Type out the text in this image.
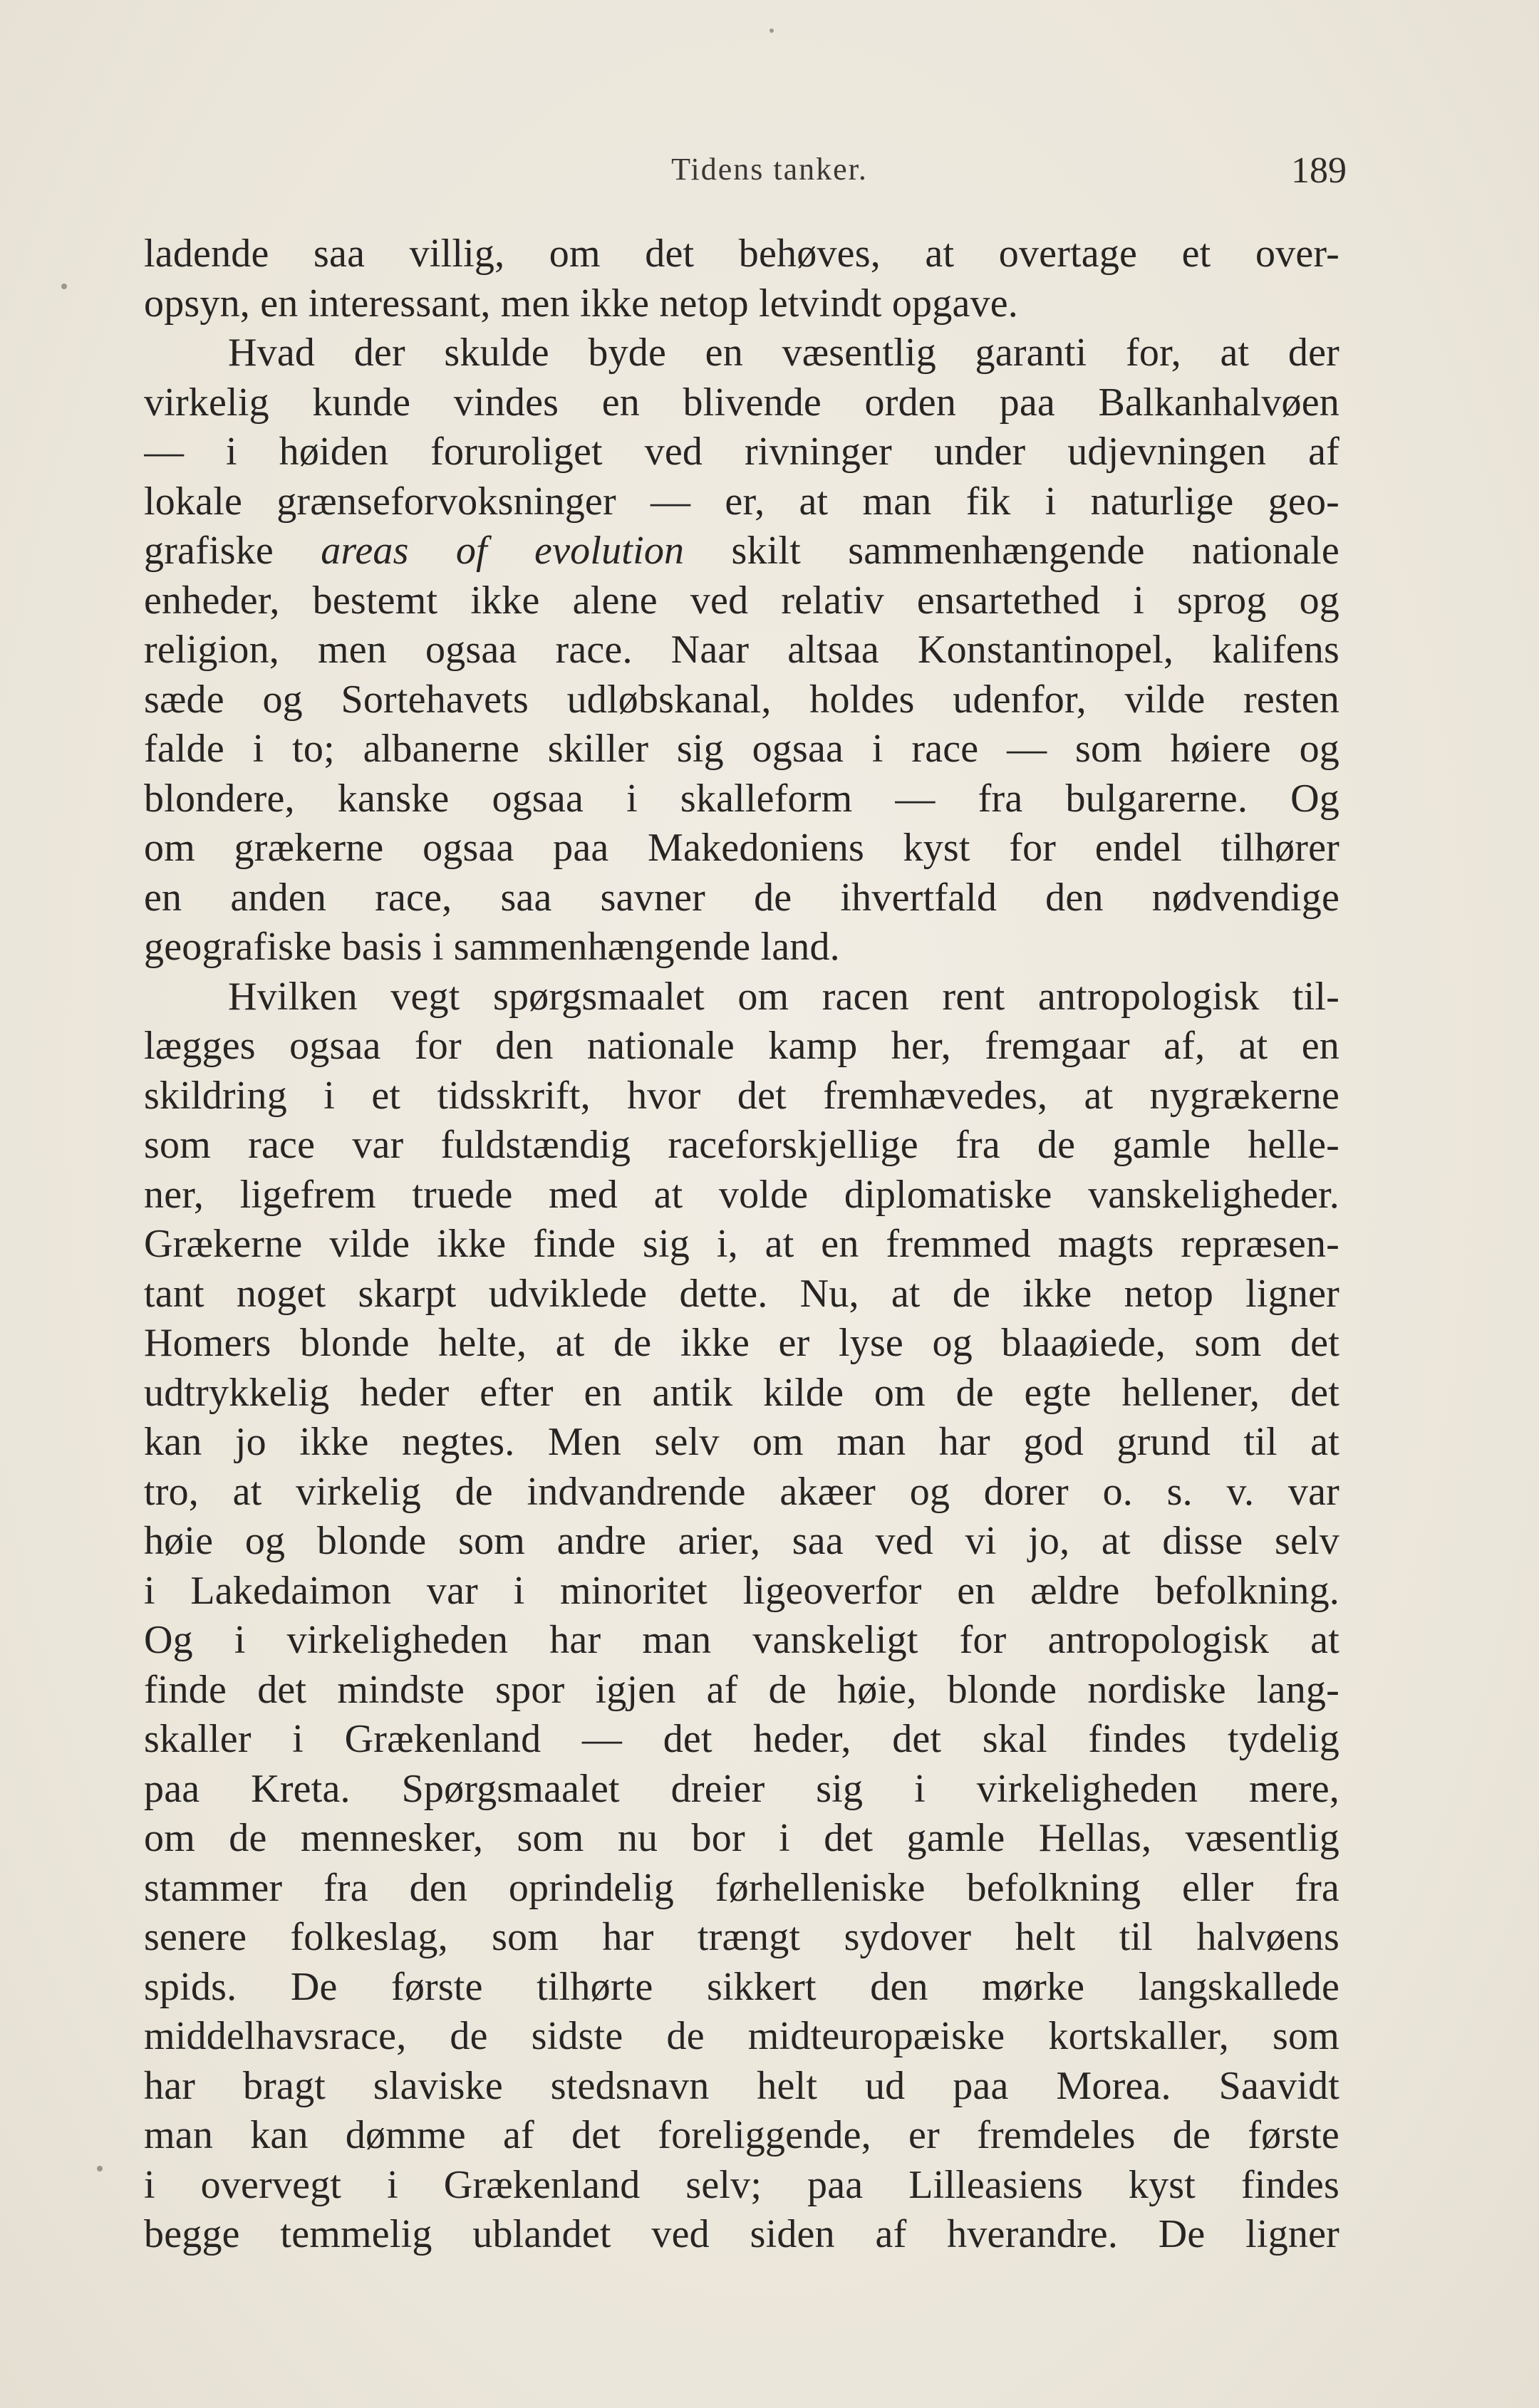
Tidens tanker.	189
ladende saa villig, om det behøves, at overtage et over-
opsyn, en interessant, men ikke netop letvindt opgave.
Hvad der skulde byde en væsentlig garanti for, at der
virkelig kunde vindes en blivende orden paa Balkanhalvøen
— i høiden foruroliget ved rivninger under udjevningen af
lokale grænseforvoksninger — er, at man fik i naturlige geo-
grafiske areas of evolution skilt sammenhængende nationale
enheder, bestemt ikke alene ved relativ ensartethed i sprog og
religion, men ogsaa race. Naar altsaa Konstantinopel, kalifens
sæde og Sortehavets udløbskanal, holdes udenfor, vilde resten
falde i to; albanerne skiller sig ogsaa i race — som høiere og
blondere, kanske ogsaa i skalleform — fra bulgarerne. Og
om grækerne ogsaa paa Makedoniens kyst for endel tilhører
en anden race, saa savner de ihvertfald den nødvendige
geografiske basis i sammenhængende land.
Hvilken vegt spørgsmaalet om racen rent antropologisk til-
lægges ogsaa for den nationale kamp her, fremgaar af, at en
skildring i et tidsskrift, hvor det fremhævedes, at nygrækerne
som race var fuldstændig raceforskjellige fra de gamle helle-
ner, ligefrem truede med at volde diplomatiske vanskeligheder.
Grækerne vilde ikke finde sig i, at en fremmed magts repræsen-
tant noget skarpt udviklede dette. Nu, at de ikke netop ligner
Homers blonde helte, at de ikke er lyse og blaaøiede, som det
udtrykkelig heder efter en antik kilde om de egte hellener, det
kan jo ikke negtes. Men selv om man har god grund til at
tro, at virkelig de indvandrende akæer og dorer o. s. v. var
høie og blonde som andre arier, saa ved vi jo, at disse selv
i Lakedaimon var i minoritet ligeoverfor en ældre befolkning.
Og i virkeligheden har man vanskeligt for antropologisk at
finde det mindste spor igjen af de høie, blonde nordiske lang-
skaller i Grækenland — det heder, det skal findes tydelig
paa Kreta. Spørgsmaalet dreier sig i virkeligheden mere,
om de mennesker, som nu bor i det gamle Hellas, væsentlig
stammer fra den oprindelig førhelleniske befolkning eller fra
senere folkeslag, som har trængt sydover helt til halvøens
spids. De første tilhørte sikkert den mørke langskallede
middelhavsrace, de sidste de midteuropæiske kortskaller, som
har bragt slaviske stedsnavn helt ud paa Morea. Saavidt
man kan dømme af det foreliggende, er fremdeles de første
i overvegt i Grækenland selv; paa Lilleasiens kyst findes
begge temmelig ublandet ved siden af hverandre. De ligner
